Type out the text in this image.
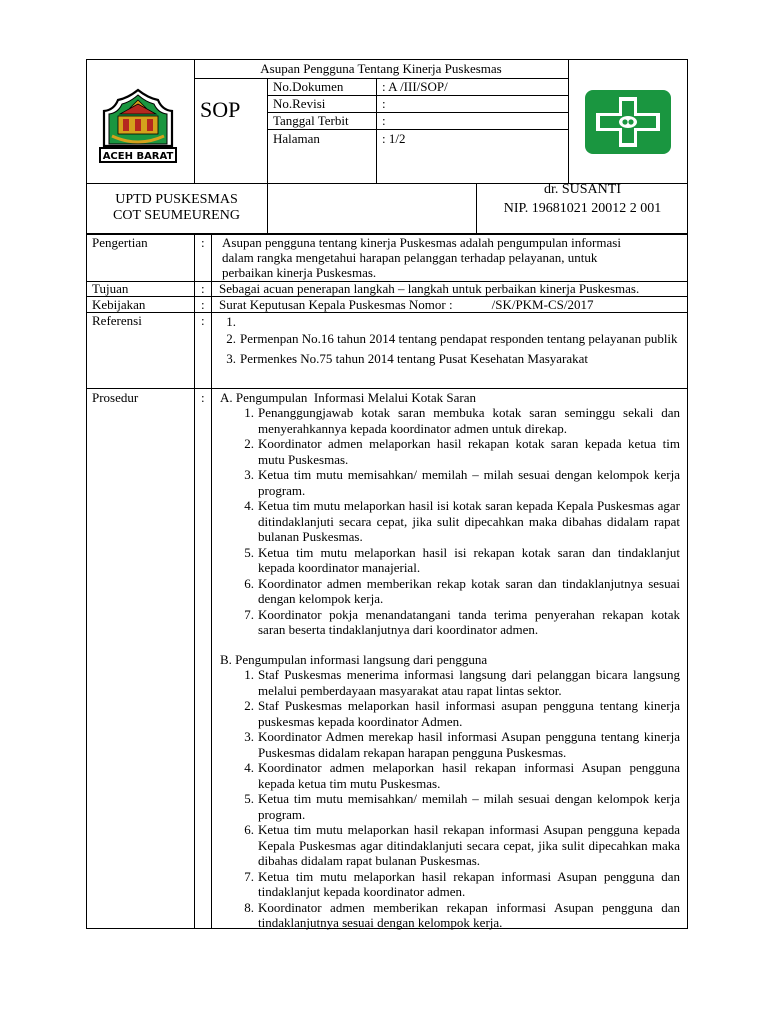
ACEH BARAT
SOP
Asupan Pengguna Tentang Kinerja Puskesmas
No.Dokumen	: A /III/SOP/
No.Revisi	:
Tanggal Terbit	:
Halaman	: 1/2
UPTD PUSKESMAS
COT SEUMEURENG
dr. SUSANTI
NIP. 19681021 20012 2 001
Pengertian	: Asupan pengguna tentang kinerja Puskesmas adalah pengumpulan informasi
dalam rangka mengetahui harapan pelanggan terhadap pelayanan, untuk
perbaikan kinerja Puskesmas.
Tujuan	: Sebagai acuan penerapan langkah – langkah untuk perbaikan kinerja Puskesmas.
Kebijakan	: Surat Keputusan Kepala Puskesmas Nomor :            /SK/PKM-CS/2017
Referensi	:	1.

2. Permenpan No.16 tahun 2014 tentang pendapat responden tentang pelayanan publik
3. Permenkes No.75 tahun 2014 tentang Pusat Kesehatan Masyarakat
Prosedur	: A. Pengumpulan  Informasi Melalui Kotak Saran
1. Penanggungjawab kotak saran membuka kotak saran seminggu sekali dan menyerahkannya kepada koordinator admen untuk direkap.
2. Koordinator admen melaporkan hasil rekapan kotak saran kepada ketua tim mutu Puskesmas.
3. Ketua tim mutu memisahkan/ memilah – milah sesuai dengan kelompok kerja program.
4. Ketua tim mutu melaporkan hasil isi kotak saran kepada Kepala Puskesmas agar ditindaklanjuti secara cepat, jika sulit dipecahkan maka dibahas didalam rapat bulanan Puskesmas.
5. Ketua tim mutu melaporkan hasil isi rekapan kotak saran dan tindaklanjut kepada koordinator manajerial.
6. Koordinator admen memberikan rekap kotak saran dan tindaklanjutnya sesuai dengan kelompok kerja.
7. Koordinator pokja menandatangani tanda terima penyerahan rekapan kotak saran beserta tindaklanjutnya dari koordinator admen.
B. Pengumpulan informasi langsung dari pengguna
1. Staf Puskesmas menerima informasi langsung dari pelanggan bicara langsung melalui pemberdayaan masyarakat atau rapat lintas sektor.
2. Staf Puskesmas melaporkan hasil informasi asupan pengguna tentang kinerja puskesmas kepada koordinator Admen.
3. Koordinator Admen merekap hasil informasi Asupan pengguna tentang kinerja Puskesmas didalam rekapan harapan pengguna Puskesmas.
4. Koordinator admen melaporkan hasil rekapan informasi Asupan pengguna kepada ketua tim mutu Puskesmas.
5. Ketua tim mutu memisahkan/ memilah – milah sesuai dengan kelompok kerja program.
6. Ketua tim mutu melaporkan hasil rekapan informasi Asupan pengguna kepada Kepala Puskesmas agar ditindaklanjuti secara cepat, jika sulit dipecahkan maka dibahas didalam rapat bulanan Puskesmas.
7. Ketua tim mutu melaporkan hasil rekapan informasi Asupan pengguna dan tindaklanjut kepada koordinator admen.
8. Koordinator admen memberikan rekapan informasi Asupan pengguna dan tindaklanjutnya sesuai dengan kelompok kerja.
